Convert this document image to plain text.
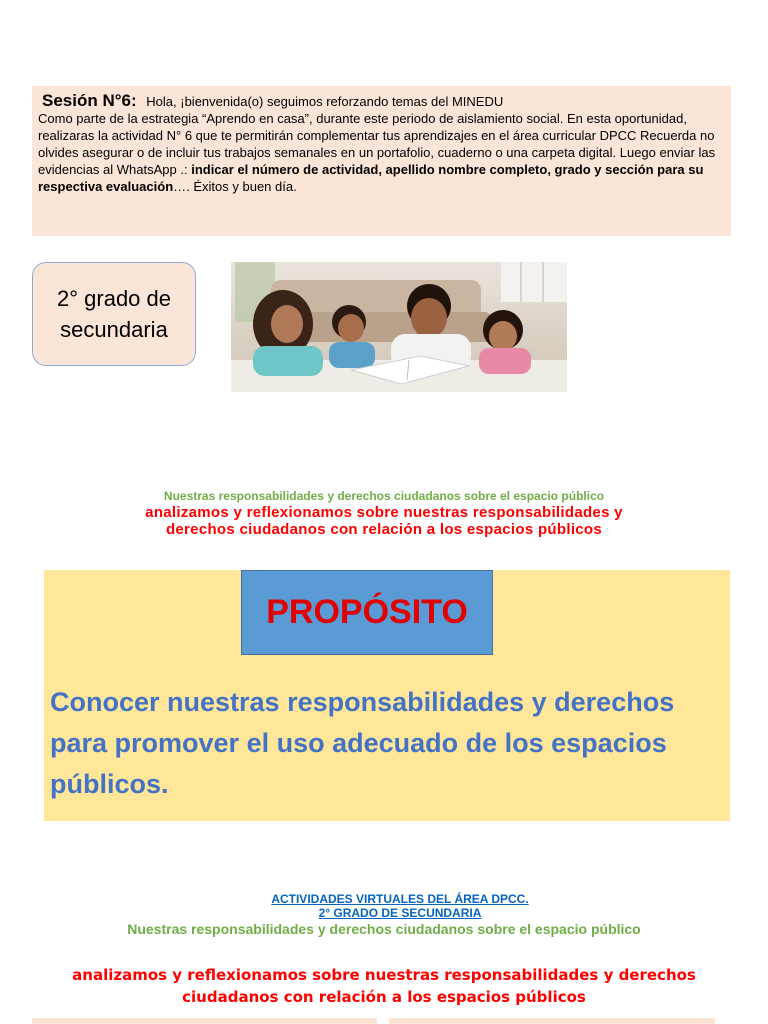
Sesión N°6: Hola, ¡bienvenida(o) seguimos reforzando temas del MINEDU
Como parte de la estrategia “Aprendo en casa”, durante este periodo de aislamiento social. En esta oportunidad, realizaras la actividad N° 6 que te permitirán complementar tus aprendizajes en el área curricular DPCC Recuerda no olvides asegurar o de incluir tus trabajos semanales en un portafolio, cuaderno o una carpeta digital. Luego enviar las evidencias al WhatsApp .: indicar el número de actividad, apellido nombre completo, grado y sección para su respectiva evaluación…. Éxitos y buen día.
2° grado de
secundaria
Nuestras responsabilidades y derechos ciudadanos sobre el espacio público
analizamos y reflexionamos sobre nuestras responsabilidades y
derechos ciudadanos con relación a los espacios públicos
PROPÓSITO
Conocer nuestras responsabilidades y derechos
para promover el uso adecuado de los espacios
públicos.
ACTIVIDADES VIRTUALES DEL ÁREA DPCC.
2° GRADO DE SECUNDARIA
Nuestras responsabilidades y derechos ciudadanos sobre el espacio público
analizamos y reflexionamos sobre nuestras responsabilidades y derechos
ciudadanos con relación a los espacios públicos
